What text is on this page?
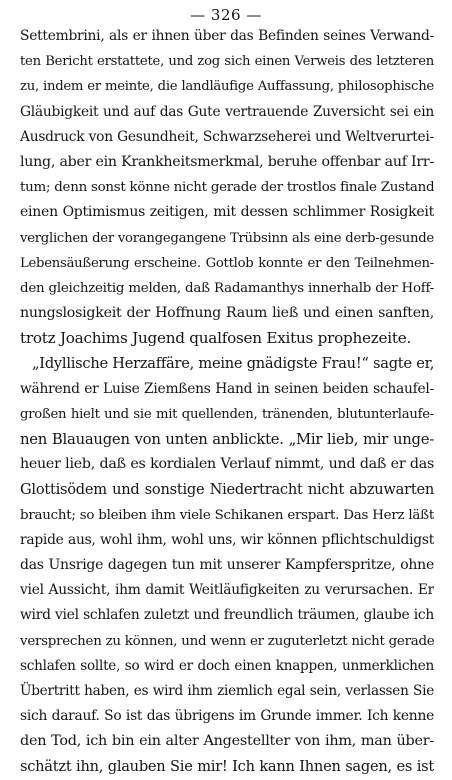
— 326 —
Settembrini, als er ihnen über das Befinden seines Verwand-
ten Bericht erstattete, und zog sich einen Verweis des letzteren
zu, indem er meinte, die landläufige Auffassung, philosophische
Gläubigkeit und auf das Gute vertrauende Zuversicht sei ein
Ausdruck von Gesundheit, Schwarzseherei und Weltverurtei-
lung, aber ein Krankheitsmerkmal, beruhe offenbar auf Irr-
tum; denn sonst könne nicht gerade der trostlos finale Zustand
einen Optimismus zeitigen, mit dessen schlimmer Rosigkeit
verglichen der vorangegangene Trübsinn als eine derb-gesunde
Lebensäußerung erscheine. Gottlob konnte er den Teilnehmen-
den gleichzeitig melden, daß Radamanthys innerhalb der Hoff-
nungslosigkeit der Hoffnung Raum ließ und einen sanften,
trotz Joachims Jugend qualfosen Exitus prophezeite.
„Idyllische Herzaffäre, meine gnädigste Frau!“ sagte er,
während er Luise Ziemßens Hand in seinen beiden schaufel-
großen hielt und sie mit quellenden, tränenden, blutunterlaufe-
nen Blauaugen von unten anblickte. „Mir lieb, mir unge-
heuer lieb, daß es kordialen Verlauf nimmt, und daß er das
Glottisödem und sonstige Niedertracht nicht abzuwarten
braucht; so bleiben ihm viele Schikanen erspart. Das Herz läßt
rapide aus, wohl ihm, wohl uns, wir können pflichtschuldigst
das Unsrige dagegen tun mit unserer Kampferspritze, ohne
viel Aussicht, ihm damit Weitläufigkeiten zu verursachen. Er
wird viel schlafen zuletzt und freundlich träumen, glaube ich
versprechen zu können, und wenn er zuguterletzt nicht gerade
schlafen sollte, so wird er doch einen knappen, unmerklichen
Übertritt haben, es wird ihm ziemlich egal sein, verlassen Sie
sich darauf. So ist das übrigens im Grunde immer. Ich kenne
den Tod, ich bin ein alter Angestellter von ihm, man über-
schätzt ihn, glauben Sie mir! Ich kann Ihnen sagen, es ist
